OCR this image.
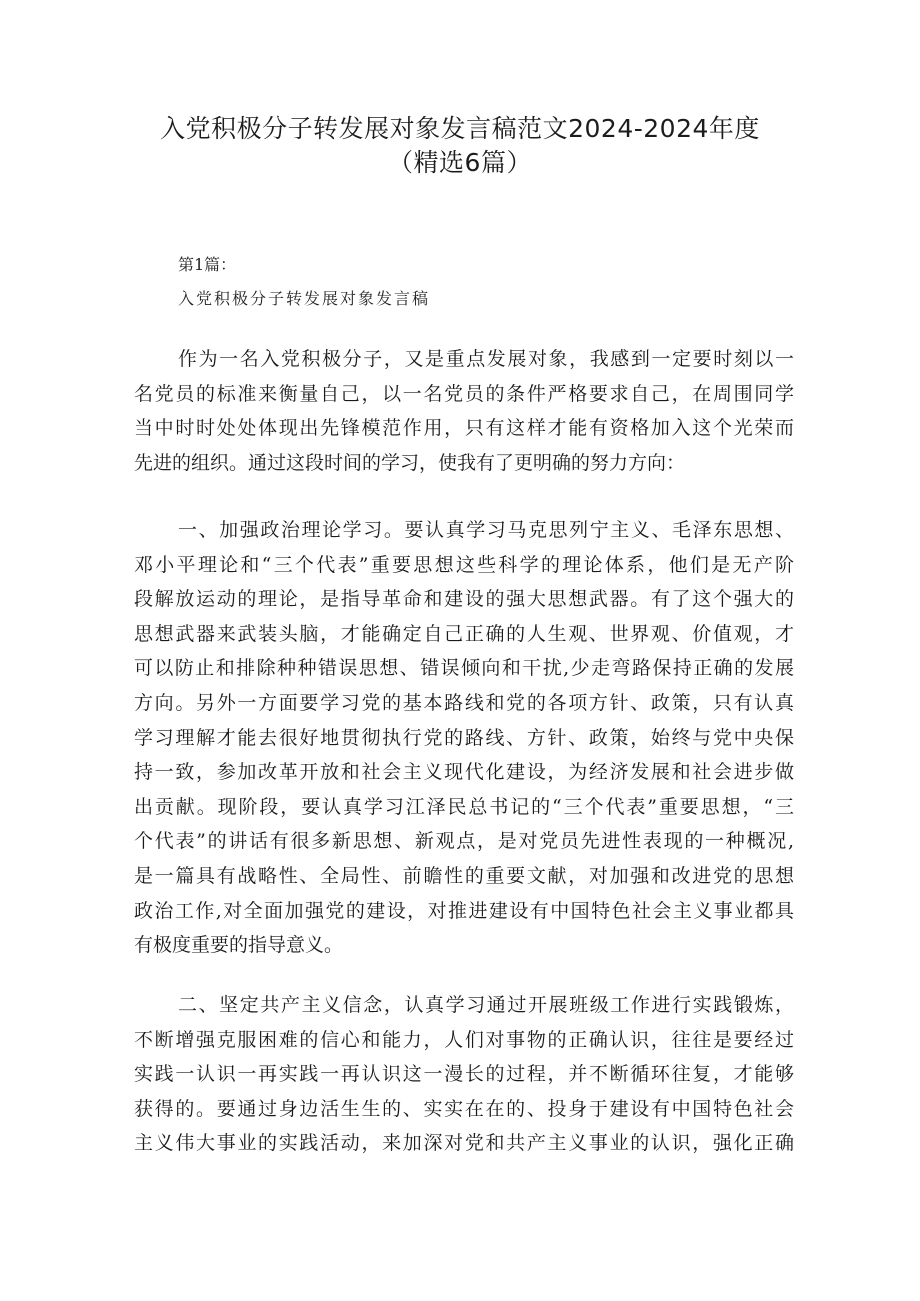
入党积极分子转发展对象发言稿范文2024-2024年度
（精选6篇）
第1篇：
入党积极分子转发展对象发言稿
作为一名入党积极分子，又是重点发展对象，我感到一定要时刻以一
名党员的标准来衡量自己，以一名党员的条件严格要求自己，在周围同学
当中时时处处体现出先锋模范作用，只有这样才能有资格加入这个光荣而
先进的组织。通过这段时间的学习，使我有了更明确的努力方向：
一、加强政治理论学习。要认真学习马克思列宁主义、毛泽东思想、
邓小平理论和“三个代表”重要思想这些科学的理论体系，他们是无产阶
段解放运动的理论，是指导革命和建设的强大思想武器。有了这个强大的
思想武器来武装头脑，才能确定自己正确的人生观、世界观、价值观，才
可以防止和排除种种错误思想、错误倾向和干扰,少走弯路保持正确的发展
方向。另外一方面要学习党的基本路线和党的各项方针、政策，只有认真
学习理解才能去很好地贯彻执行党的路线、方针、政策，始终与党中央保
持一致，参加改革开放和社会主义现代化建设，为经济发展和社会进步做
出贡献。现阶段，要认真学习江泽民总书记的“三个代表”重要思想，“三
个代表”的讲话有很多新思想、新观点，是对党员先进性表现的一种概况,
是一篇具有战略性、全局性、前瞻性的重要文献，对加强和改进党的思想
政治工作,对全面加强党的建设，对推进建设有中国特色社会主义事业都具
有极度重要的指导意义。
二、坚定共产主义信念，认真学习通过开展班级工作进行实践锻炼，
不断增强克服困难的信心和能力，人们对事物的正确认识，往往是要经过
实践一认识一再实践一再认识这一漫长的过程，并不断循环往复，才能够
获得的。要通过身边活生生的、实实在在的、投身于建设有中国特色社会
主义伟大事业的实践活动，来加深对党和共产主义事业的认识，强化正确
